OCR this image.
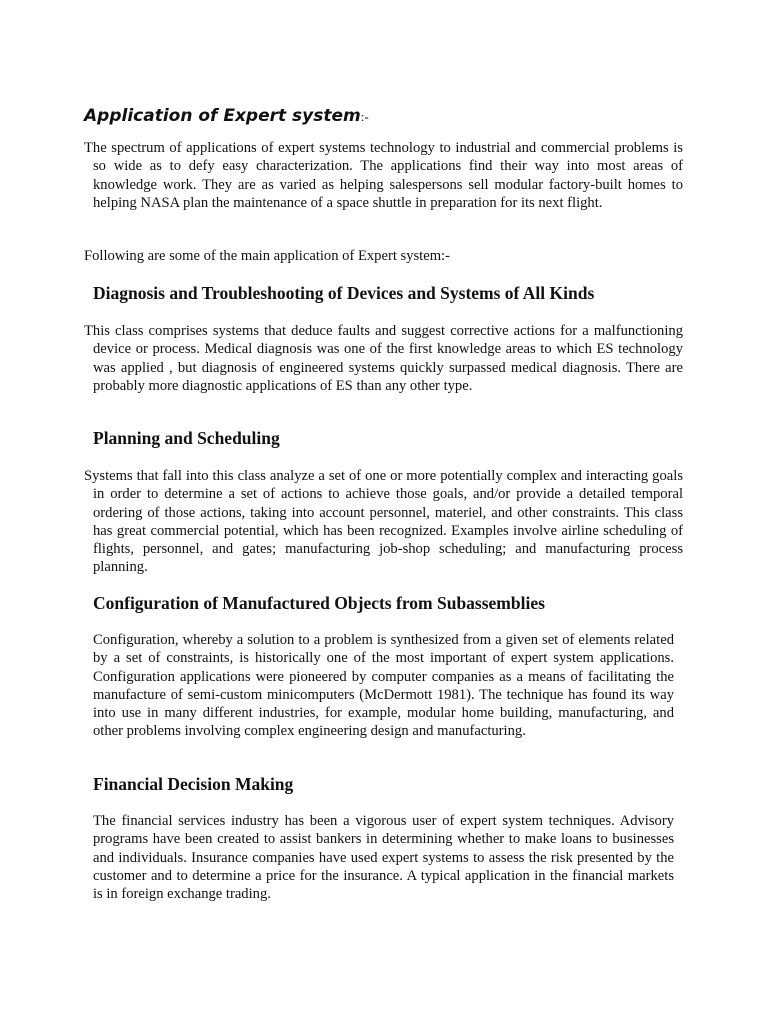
Application of Expert system:-

The spectrum of applications of expert systems technology to industrial and commercial problems is so wide as to defy easy characterization. The applications find their way into most areas of knowledge work. They are as varied as helping salespersons sell modular factory-built homes to helping NASA plan the maintenance of a space shuttle in preparation for its next flight.

Following are some of the main application of Expert system:-

Diagnosis and Troubleshooting of Devices and Systems of All Kinds

This class comprises systems that deduce faults and suggest corrective actions for a malfunctioning device or process. Medical diagnosis was one of the first knowledge areas to which ES technology was applied , but diagnosis of engineered systems quickly surpassed medical diagnosis. There are probably more diagnostic applications of ES than any other type.

Planning and Scheduling

Systems that fall into this class analyze a set of one or more potentially complex and interacting goals in order to determine a set of actions to achieve those goals, and/or provide a detailed temporal ordering of those actions, taking into account personnel, materiel, and other constraints. This class has great commercial potential, which has been recognized. Examples involve airline scheduling of flights, personnel, and gates; manufacturing job-shop scheduling; and manufacturing process planning.

Configuration of Manufactured Objects from Subassemblies

Configuration, whereby a solution to a problem is synthesized from a given set of elements related by a set of constraints, is historically one of the most important of expert system applications. Configuration applications were pioneered by computer companies as a means of facilitating the manufacture of semi-custom minicomputers (McDermott 1981). The technique has found its way into use in many different industries, for example, modular home building, manufacturing, and other problems involving complex engineering design and manufacturing.

Financial Decision Making

The financial services industry has been a vigorous user of expert system techniques. Advisory programs have been created to assist bankers in determining whether to make loans to businesses and individuals. Insurance companies have used expert systems to assess the risk presented by the customer and to determine a price for the insurance. A typical application in the financial markets is in foreign exchange trading.
